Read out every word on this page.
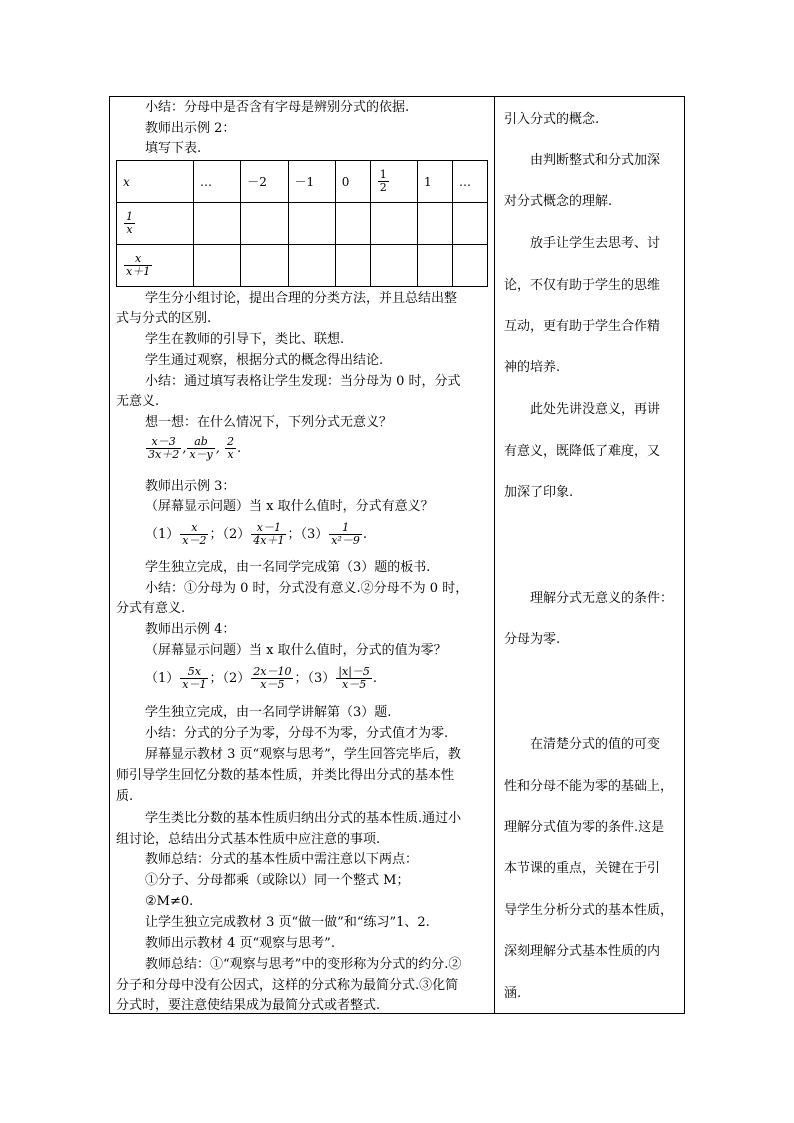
小结：分母中是否含有字母是辨别分式的依据.
教师出示例 2：
填写下表.
x	…	－2	－1	0	$\frac{1}{2}$	1	…

$\frac{1}{x}$

$\frac{x}{x+1}$

学生分小组讨论，提出合理的分类方法，并且总结出整
式与分式的区别.
学生在教师的引导下，类比、联想.
学生通过观察，根据分式的概念得出结论.
小结：通过填写表格让学生发现：当分母为 0 时，分式
无意义.
想一想：在什么情况下，下列分式无意义？
$\frac{x-3}{3x+2}$ , $\frac{ab}{x-y}$ , $\frac{2}{x}$ .
教师出示例 3：
（屏幕显示问题）当 x 取什么值时，分式有意义？
$(1) \frac{x}{x-2}$ ；$(2) \frac{x-1}{4x+1}$ ；$(3) \frac{1}{\text{x²－9}}$ .
学生独立完成，由一名同学完成第（3）题的板书.
小结：①分母为 0 时，分式没有意义.②分母不为 0 时，
分式有意义.
教师出示例 4：
（屏幕显示问题）当 x 取什么值时，分式的值为零？
$(1) \frac{5x}{x-1}$ ；$(2) \frac{2x-10}{x-5}$ ；$(3) \frac{|x|-5}{x-5}$ .
学生独立完成，由一名同学讲解第（3）题.
小结：分式的分子为零，分母不为零，分式值才为零.
屏幕显示教材 3 页“观察与思考”，学生回答完毕后，教
师引导学生回忆分数的基本性质，并类比得出分式的基本性
质.
学生类比分数的基本性质归纳出分式的基本性质.通过小
组讨论，总结出分式基本性质中应注意的事项.
教师总结：分式的基本性质中需注意以下两点：
①分子、分母都乘（或除以）同一个整式 M；
②M≠0.
让学生独立完成教材 3 页“做一做”和“练习”1、2.
教师出示教材 4 页“观察与思考”.
教师总结：①“观察与思考”中的变形称为分式的约分.②
分子和分母中没有公因式，这样的分式称为最简分式.③化简
分式时，要注意使结果成为最简分式或者整式.
引入分式的概念.
由判断整式和分式加深
对分式概念的理解.
放手让学生去思考、讨
论，不仅有助于学生的思维
互动，更有助于学生合作精
神的培养.
此处先讲没意义，再讲
有意义，既降低了难度，又
加深了印象.
理解分式无意义的条件：
分母为零.
在清楚分式的值的可变
性和分母不能为零的基础上，
理解分式值为零的条件.这是
本节课的重点，关键在于引
导学生分析分式的基本性质，
深刻理解分式基本性质的内
涵.
